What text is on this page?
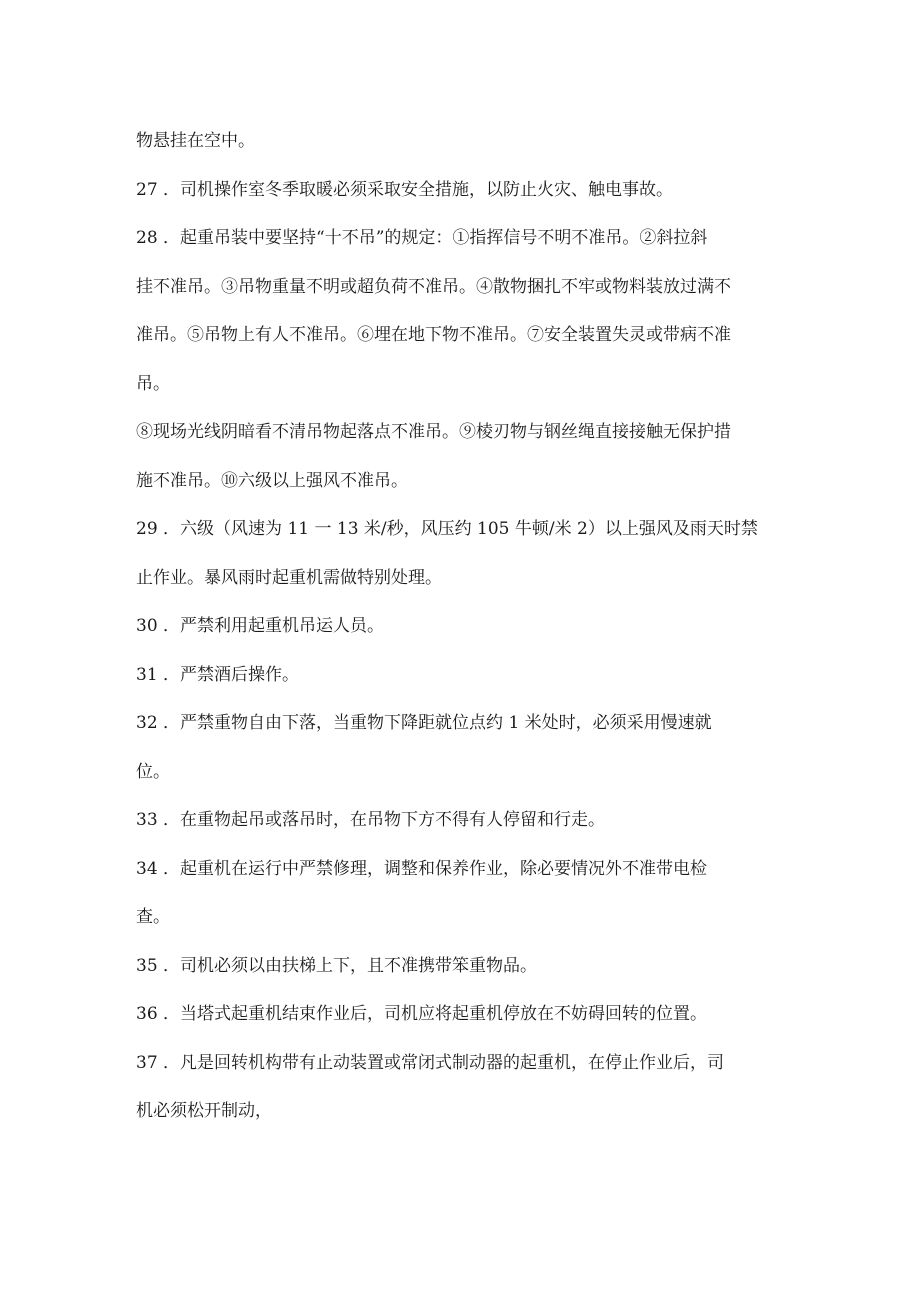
物悬挂在空中。
27 ．司机操作室冬季取暖必须采取安全措施，以防止火灾、触电事故。
28 ．起重吊装中要坚持“十不吊”的规定：①指挥信号不明不准吊。②斜拉斜
挂不准吊。③吊物重量不明或超负荷不准吊。④散物捆扎不牢或物料装放过满不
准吊。⑤吊物上有人不准吊。⑥埋在地下物不准吊。⑦安全装置失灵或带病不准
吊。
⑧现场光线阴暗看不清吊物起落点不准吊。⑨棱刃物与钢丝绳直接接触无保护措
施不准吊。⑩六级以上强风不准吊。
29 ．六级（风速为 11 一 13 米/秒，风压约 105 牛顿/米 2）以上强风及雨天时禁
止作业。暴风雨时起重机需做特别处理。
30 ．严禁利用起重机吊运人员。
31 ．严禁酒后操作。
32 ．严禁重物自由下落，当重物下降距就位点约 1 米处时，必须采用慢速就
位。
33 ．在重物起吊或落吊时，在吊物下方不得有人停留和行走。
34 ．起重机在运行中严禁修理，调整和保养作业，除必要情况外不准带电检
查。
35 ．司机必须以由扶梯上下，且不准携带笨重物品。
36 ．当塔式起重机结束作业后，司机应将起重机停放在不妨碍回转的位置。
37 ．凡是回转机构带有止动装置或常闭式制动器的起重机，在停止作业后，司
机必须松开制动，
